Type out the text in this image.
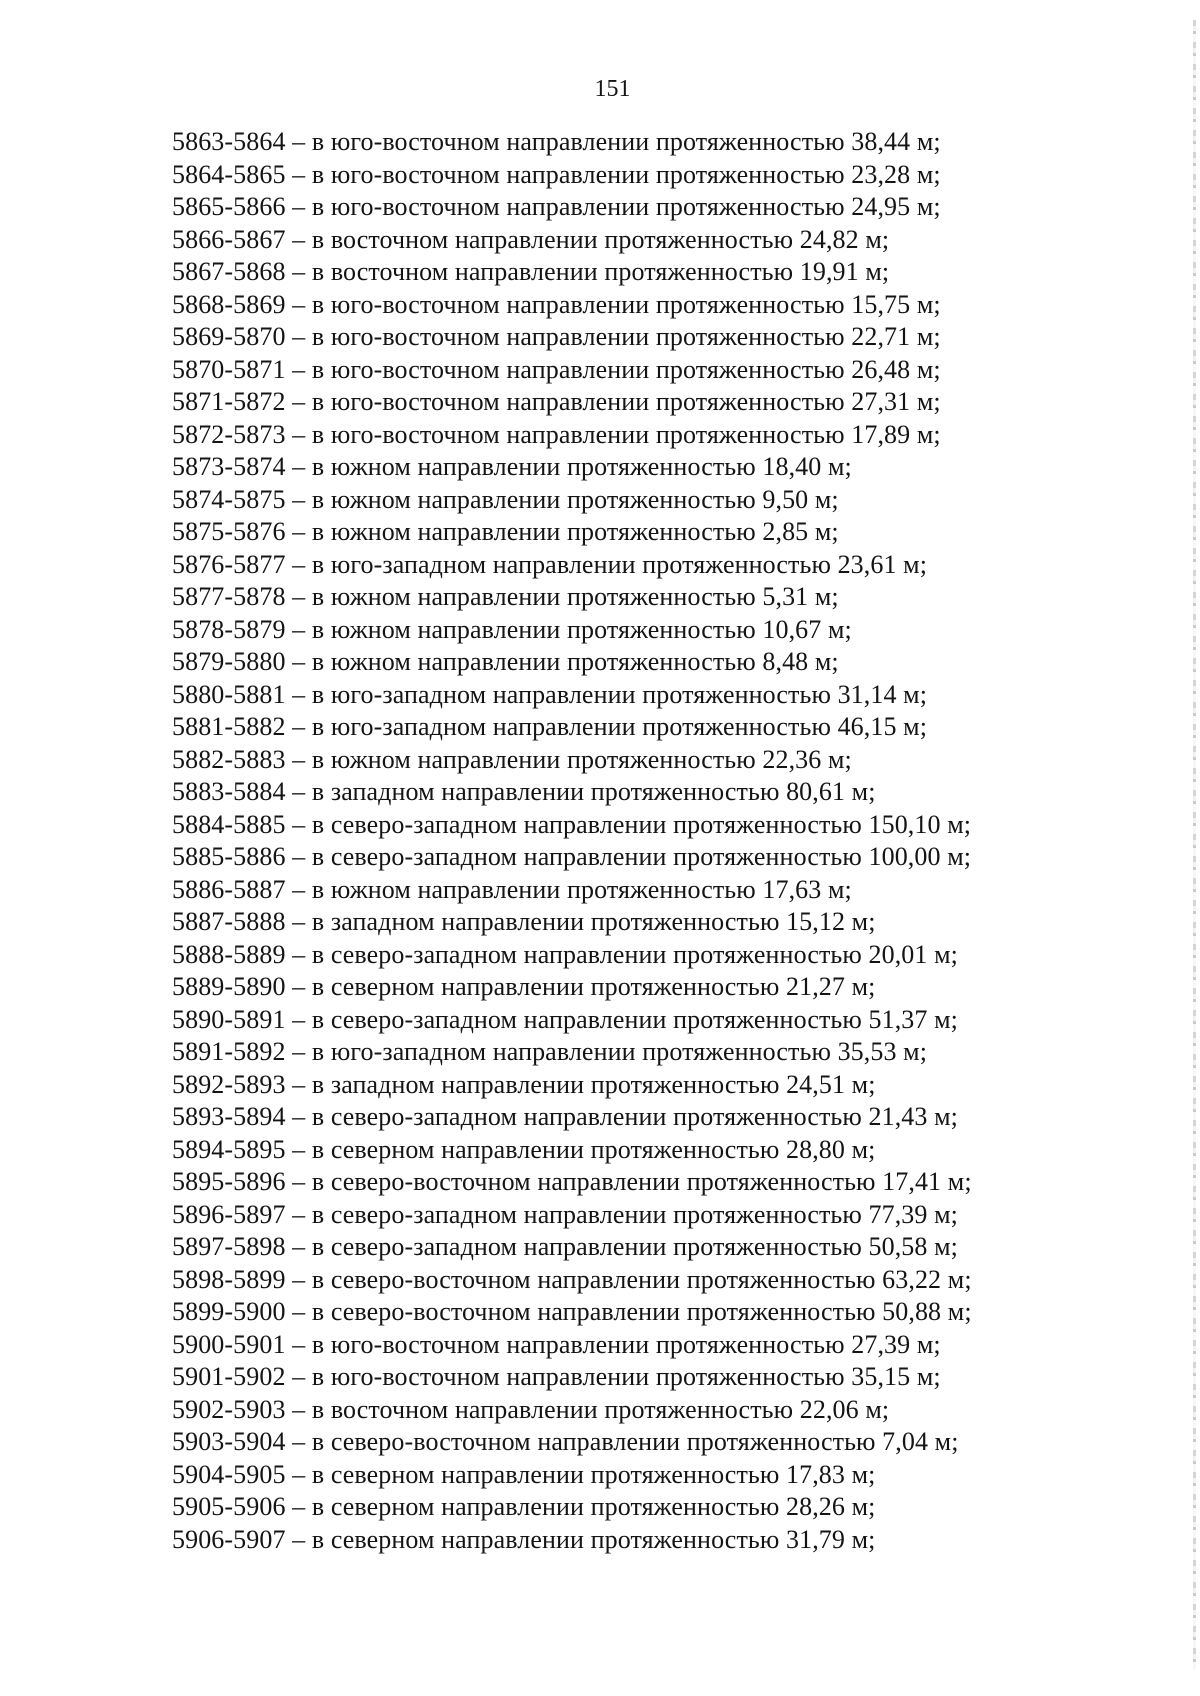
151
5863-5864 – в юго-восточном направлении протяженностью 38,44 м;
5864-5865 – в юго-восточном направлении протяженностью 23,28 м;
5865-5866 – в юго-восточном направлении протяженностью 24,95 м;
5866-5867 – в восточном направлении протяженностью 24,82 м;
5867-5868 – в восточном направлении протяженностью 19,91 м;
5868-5869 – в юго-восточном направлении протяженностью 15,75 м;
5869-5870 – в юго-восточном направлении протяженностью 22,71 м;
5870-5871 – в юго-восточном направлении протяженностью 26,48 м;
5871-5872 – в юго-восточном направлении протяженностью 27,31 м;
5872-5873 – в юго-восточном направлении протяженностью 17,89 м;
5873-5874 – в южном направлении протяженностью 18,40 м;
5874-5875 – в южном направлении протяженностью 9,50 м;
5875-5876 – в южном направлении протяженностью 2,85 м;
5876-5877 – в юго-западном направлении протяженностью 23,61 м;
5877-5878 – в южном направлении протяженностью 5,31 м;
5878-5879 – в южном направлении протяженностью 10,67 м;
5879-5880 – в южном направлении протяженностью 8,48 м;
5880-5881 – в юго-западном направлении протяженностью 31,14 м;
5881-5882 – в юго-западном направлении протяженностью 46,15 м;
5882-5883 – в южном направлении протяженностью 22,36 м;
5883-5884 – в западном направлении протяженностью 80,61 м;
5884-5885 – в северо-западном направлении протяженностью 150,10 м;
5885-5886 – в северо-западном направлении протяженностью 100,00 м;
5886-5887 – в южном направлении протяженностью 17,63 м;
5887-5888 – в западном направлении протяженностью 15,12 м;
5888-5889 – в северо-западном направлении протяженностью 20,01 м;
5889-5890 – в северном направлении протяженностью 21,27 м;
5890-5891 – в северо-западном направлении протяженностью 51,37 м;
5891-5892 – в юго-западном направлении протяженностью 35,53 м;
5892-5893 – в западном направлении протяженностью 24,51 м;
5893-5894 – в северо-западном направлении протяженностью 21,43 м;
5894-5895 – в северном направлении протяженностью 28,80 м;
5895-5896 – в северо-восточном направлении протяженностью 17,41 м;
5896-5897 – в северо-западном направлении протяженностью 77,39 м;
5897-5898 – в северо-западном направлении протяженностью 50,58 м;
5898-5899 – в северо-восточном направлении протяженностью 63,22 м;
5899-5900 – в северо-восточном направлении протяженностью 50,88 м;
5900-5901 – в юго-восточном направлении протяженностью 27,39 м;
5901-5902 – в юго-восточном направлении протяженностью 35,15 м;
5902-5903 – в восточном направлении протяженностью 22,06 м;
5903-5904 – в северо-восточном направлении протяженностью 7,04 м;
5904-5905 – в северном направлении протяженностью 17,83 м;
5905-5906 – в северном направлении протяженностью 28,26 м;
5906-5907 – в северном направлении протяженностью 31,79 м;
